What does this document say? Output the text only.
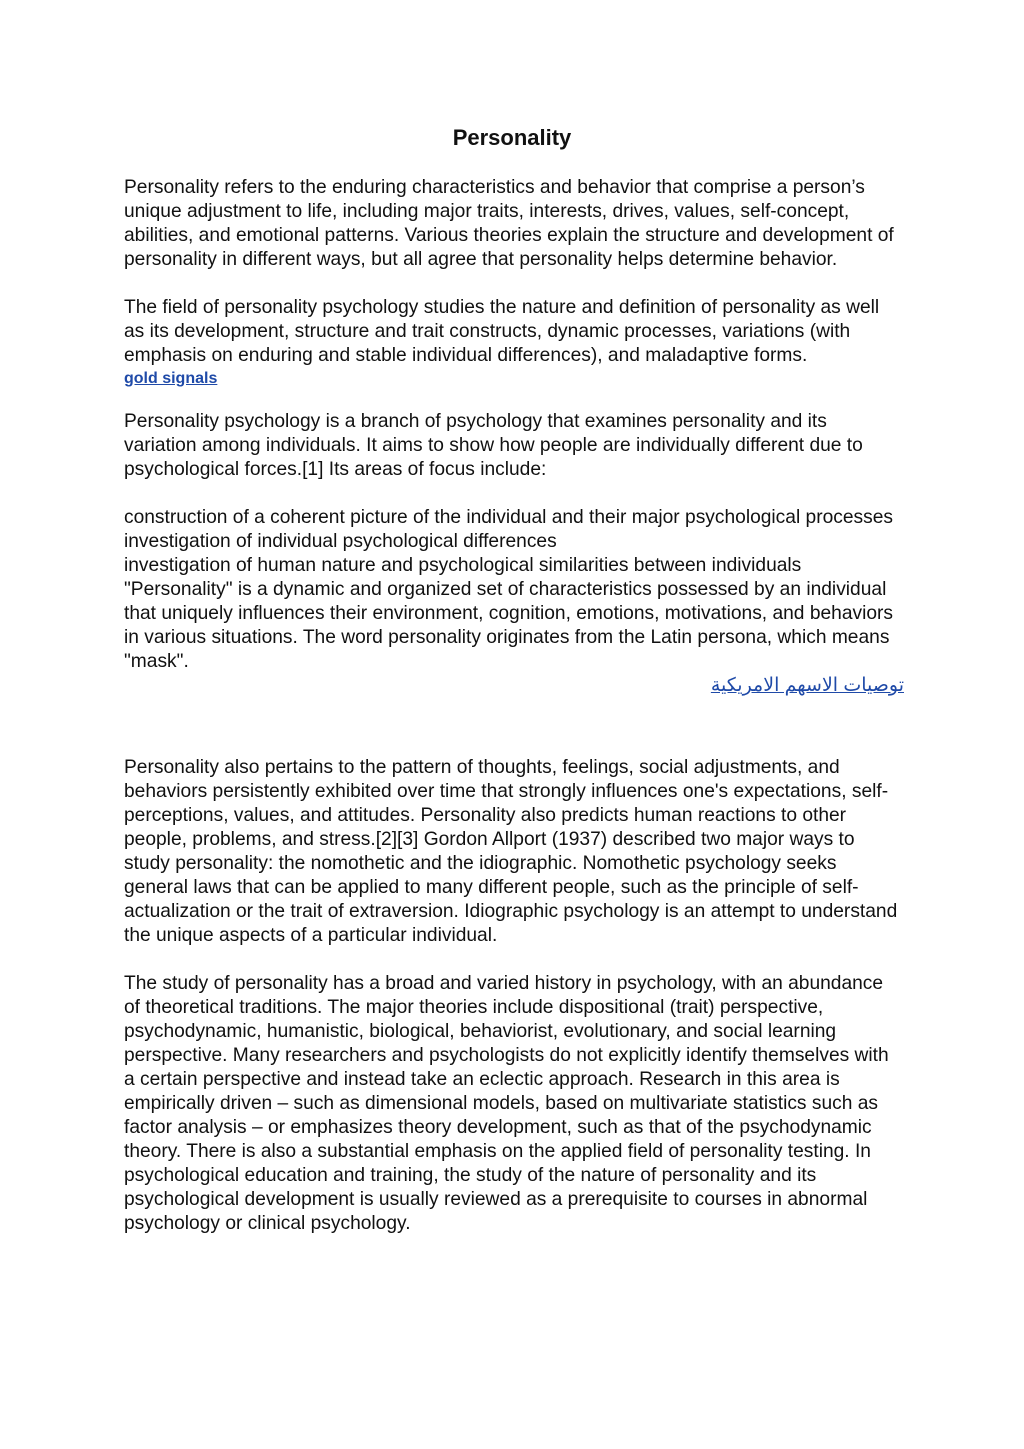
Personality

Personality refers to the enduring characteristics and behavior that comprise a person’s unique adjustment to life, including major traits, interests, drives, values, self-concept, abilities, and emotional patterns. Various theories explain the structure and development of personality in different ways, but all agree that personality helps determine behavior.

The field of personality psychology studies the nature and definition of personality as well as its development, structure and trait constructs, dynamic processes, variations (with emphasis on enduring and stable individual differences), and maladaptive forms.

gold signals

Personality psychology is a branch of psychology that examines personality and its variation among individuals. It aims to show how people are individually different due to psychological forces.[1] Its areas of focus include:

construction of a coherent picture of the individual and their major psychological processes

investigation of individual psychological differences

investigation of human nature and psychological similarities between individuals

"Personality" is a dynamic and organized set of characteristics possessed by an individual that uniquely influences their environment, cognition, emotions, motivations, and behaviors in various situations. The word personality originates from the Latin persona, which means "mask".

توصيات الاسهم الامريكية

Personality also pertains to the pattern of thoughts, feelings, social adjustments, and behaviors persistently exhibited over time that strongly influences one's expectations, self-perceptions, values, and attitudes. Personality also predicts human reactions to other people, problems, and stress.[2][3] Gordon Allport (1937) described two major ways to study personality: the nomothetic and the idiographic. Nomothetic psychology seeks general laws that can be applied to many different people, such as the principle of self-actualization or the trait of extraversion. Idiographic psychology is an attempt to understand the unique aspects of a particular individual.

The study of personality has a broad and varied history in psychology, with an abundance of theoretical traditions. The major theories include dispositional (trait) perspective, psychodynamic, humanistic, biological, behaviorist, evolutionary, and social learning perspective. Many researchers and psychologists do not explicitly identify themselves with a certain perspective and instead take an eclectic approach. Research in this area is empirically driven – such as dimensional models, based on multivariate statistics such as factor analysis – or emphasizes theory development, such as that of the psychodynamic theory. There is also a substantial emphasis on the applied field of personality testing. In psychological education and training, the study of the nature of personality and its psychological development is usually reviewed as a prerequisite to courses in abnormal psychology or clinical psychology.
